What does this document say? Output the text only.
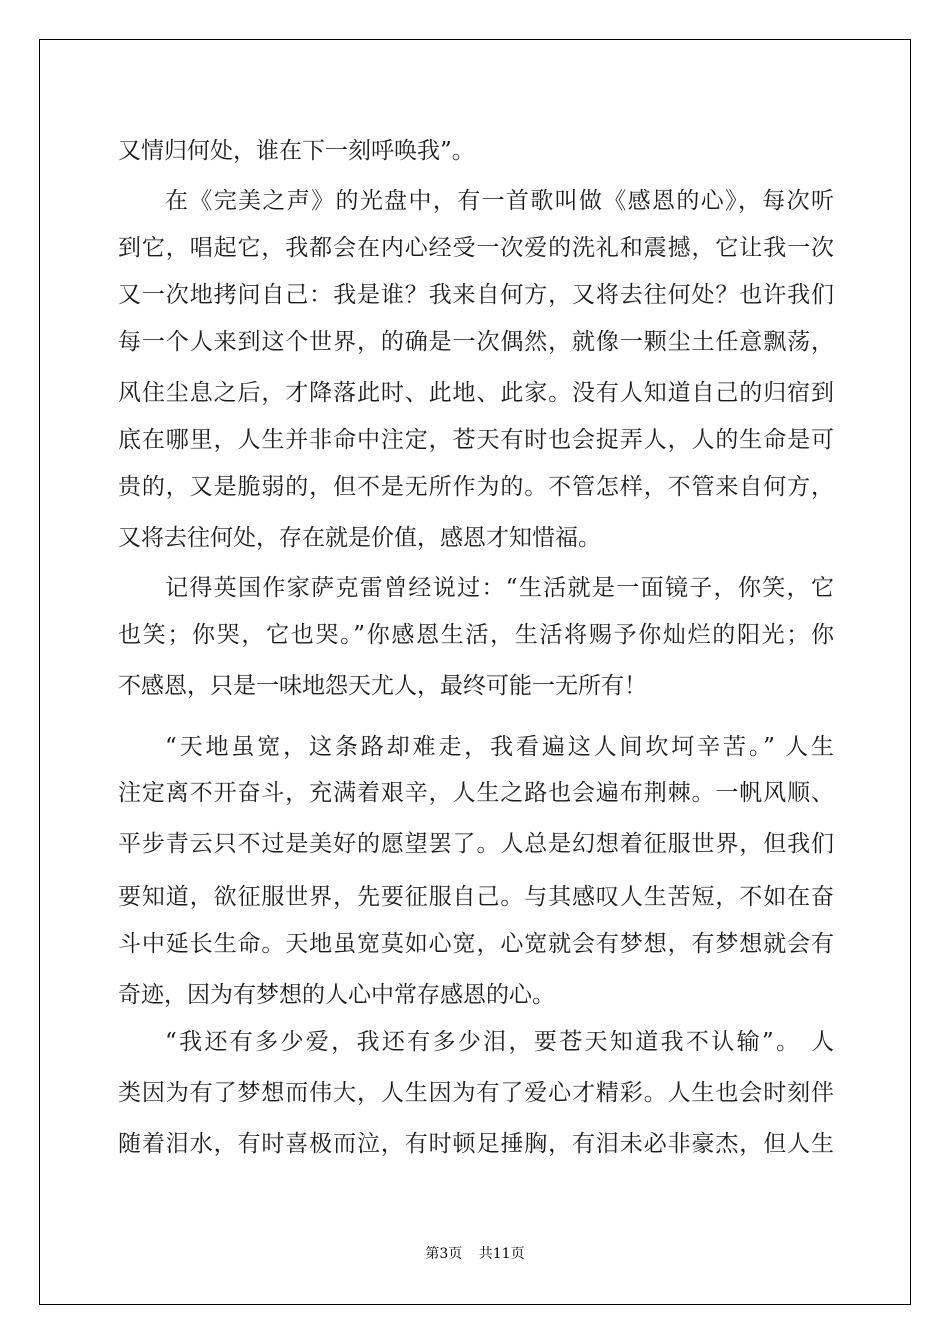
又情归何处，谁在下一刻呼唤我”。
在《完美之声》的光盘中，有一首歌叫做《感恩的心》，每次听
到它，唱起它，我都会在内心经受一次爱的洗礼和震撼，它让我一次
又一次地拷问自己：我是谁？我来自何方，又将去往何处？也许我们
每一个人来到这个世界，的确是一次偶然，就像一颗尘土任意飘荡，
风住尘息之后，才降落此时、此地、此家。没有人知道自己的归宿到
底在哪里，人生并非命中注定，苍天有时也会捉弄人，人的生命是可
贵的，又是脆弱的，但不是无所作为的。不管怎样，不管来自何方，
又将去往何处，存在就是价值，感恩才知惜福。
记得英国作家萨克雷曾经说过：“生活就是一面镜子，你笑，它
也笑；你哭，它也哭。”你感恩生活，生活将赐予你灿烂的阳光；你
不感恩，只是一味地怨天尤人，最终可能一无所有！
“天地虽宽，这条路却难走，我看遍这人间坎坷辛苦。” 人生
注定离不开奋斗，充满着艰辛，人生之路也会遍布荆棘。一帆风顺、
平步青云只不过是美好的愿望罢了。人总是幻想着征服世界，但我们
要知道，欲征服世界，先要征服自己。与其感叹人生苦短，不如在奋
斗中延长生命。天地虽宽莫如心宽，心宽就会有梦想，有梦想就会有
奇迹，因为有梦想的人心中常存感恩的心。
“我还有多少爱，我还有多少泪，要苍天知道我不认输”。 人
类因为有了梦想而伟大，人生因为有了爱心才精彩。人生也会时刻伴
随着泪水，有时喜极而泣，有时顿足捶胸，有泪未必非豪杰，但人生
第3页 共11页
